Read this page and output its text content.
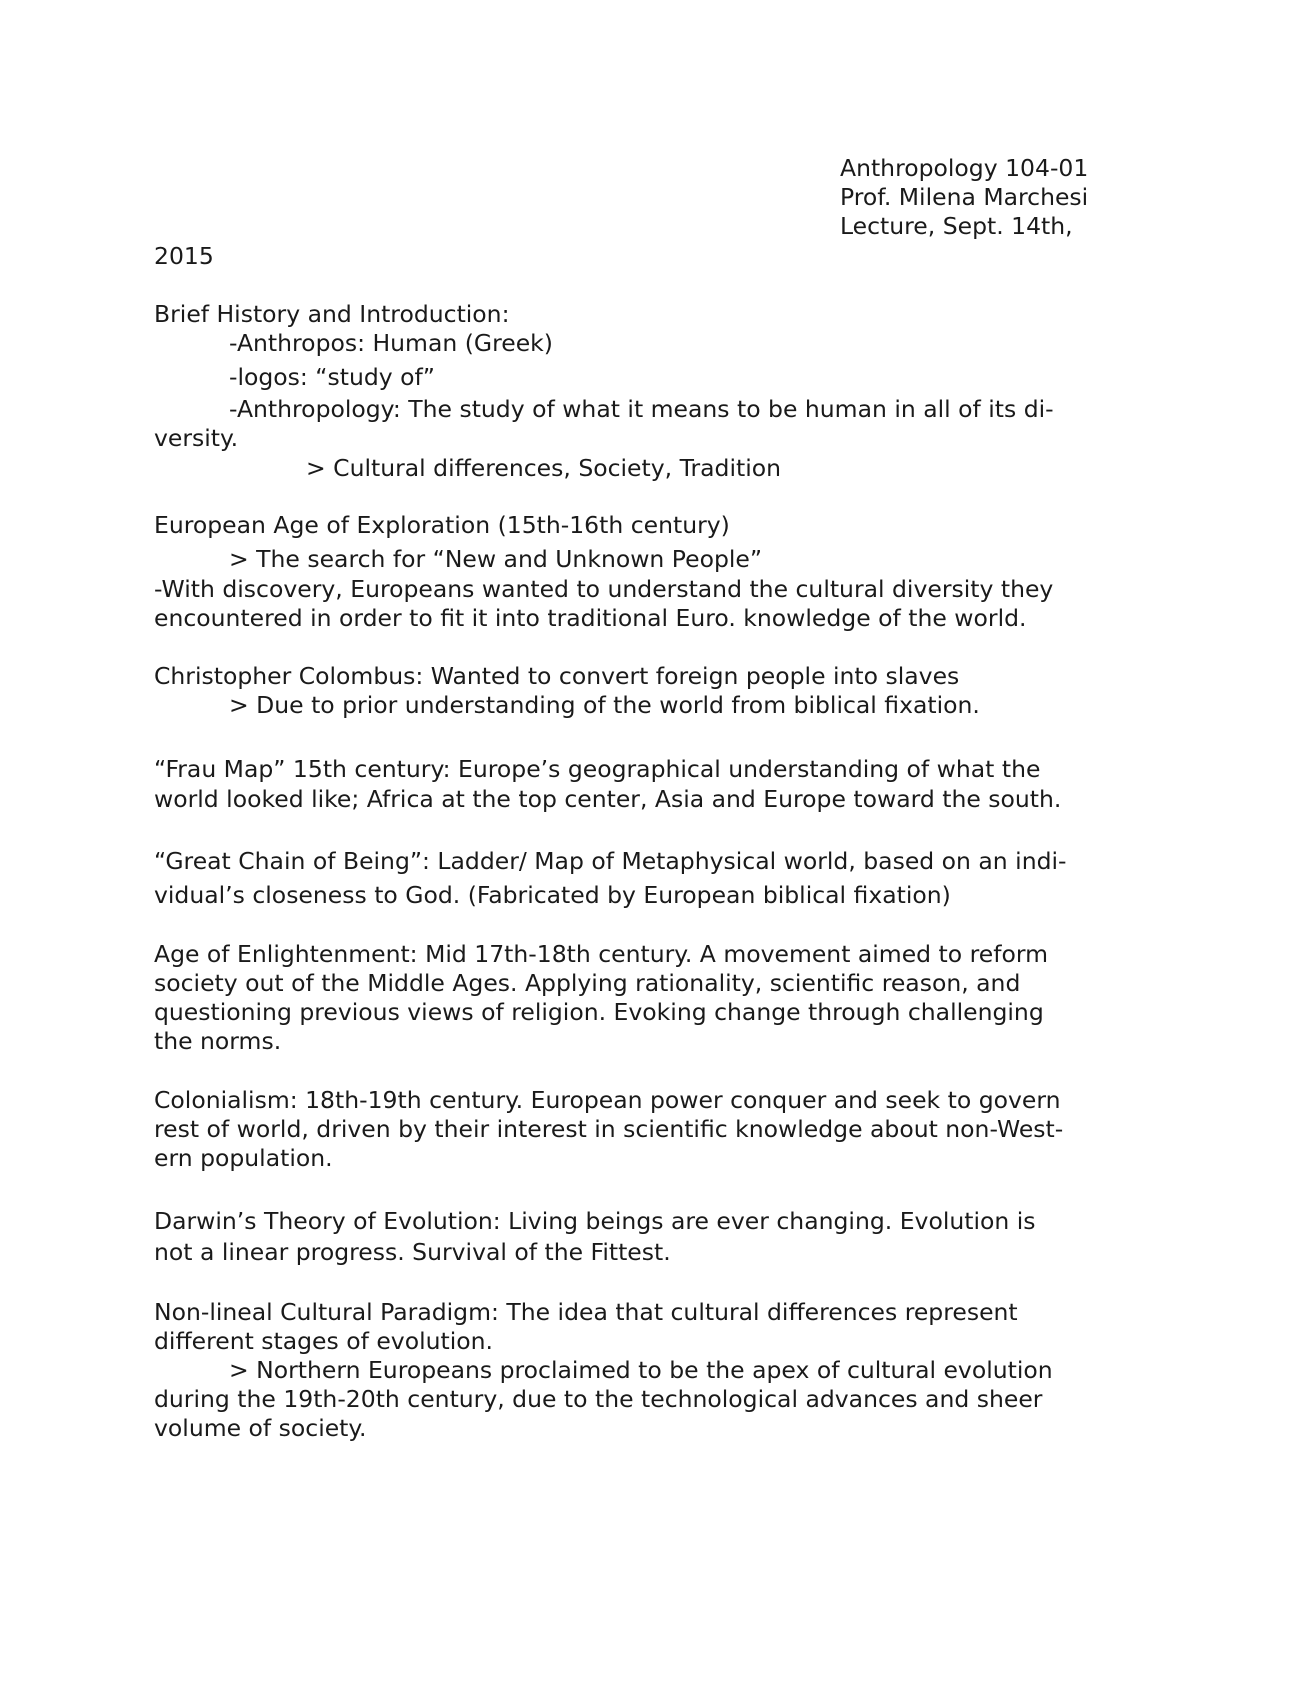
Anthropology 104-01
Prof. Milena Marchesi
Lecture, Sept. 14th,
2015
Brief History and Introduction:
-Anthropos: Human (Greek)
-logos: “study of”
-Anthropology: The study of what it means to be human in all of its di-
versity.
> Cultural differences, Society, Tradition
European Age of Exploration (15th-16th century)
> The search for “New and Unknown People”
-With discovery, Europeans wanted to understand the cultural diversity they
encountered in order to fit it into traditional Euro. knowledge of the world.
Christopher Colombus: Wanted to convert foreign people into slaves
> Due to prior understanding of the world from biblical fixation.
“Frau Map” 15th century: Europe’s geographical understanding of what the
world looked like; Africa at the top center, Asia and Europe toward the south.
“Great Chain of Being”: Ladder/ Map of Metaphysical world, based on an indi-
vidual’s closeness to God. (Fabricated by European biblical fixation)
Age of Enlightenment: Mid 17th-18th century. A movement aimed to reform
society out of the Middle Ages. Applying rationality, scientific reason, and
questioning previous views of religion. Evoking change through challenging
the norms.
Colonialism: 18th-19th century. European power conquer and seek to govern
rest of world, driven by their interest in scientific knowledge about non-West-
ern population.
Darwin’s Theory of Evolution: Living beings are ever changing. Evolution is
not a linear progress. Survival of the Fittest.
Non-lineal Cultural Paradigm: The idea that cultural differences represent
different stages of evolution.
> Northern Europeans proclaimed to be the apex of cultural evolution
during the 19th-20th century, due to the technological advances and sheer
volume of society.
